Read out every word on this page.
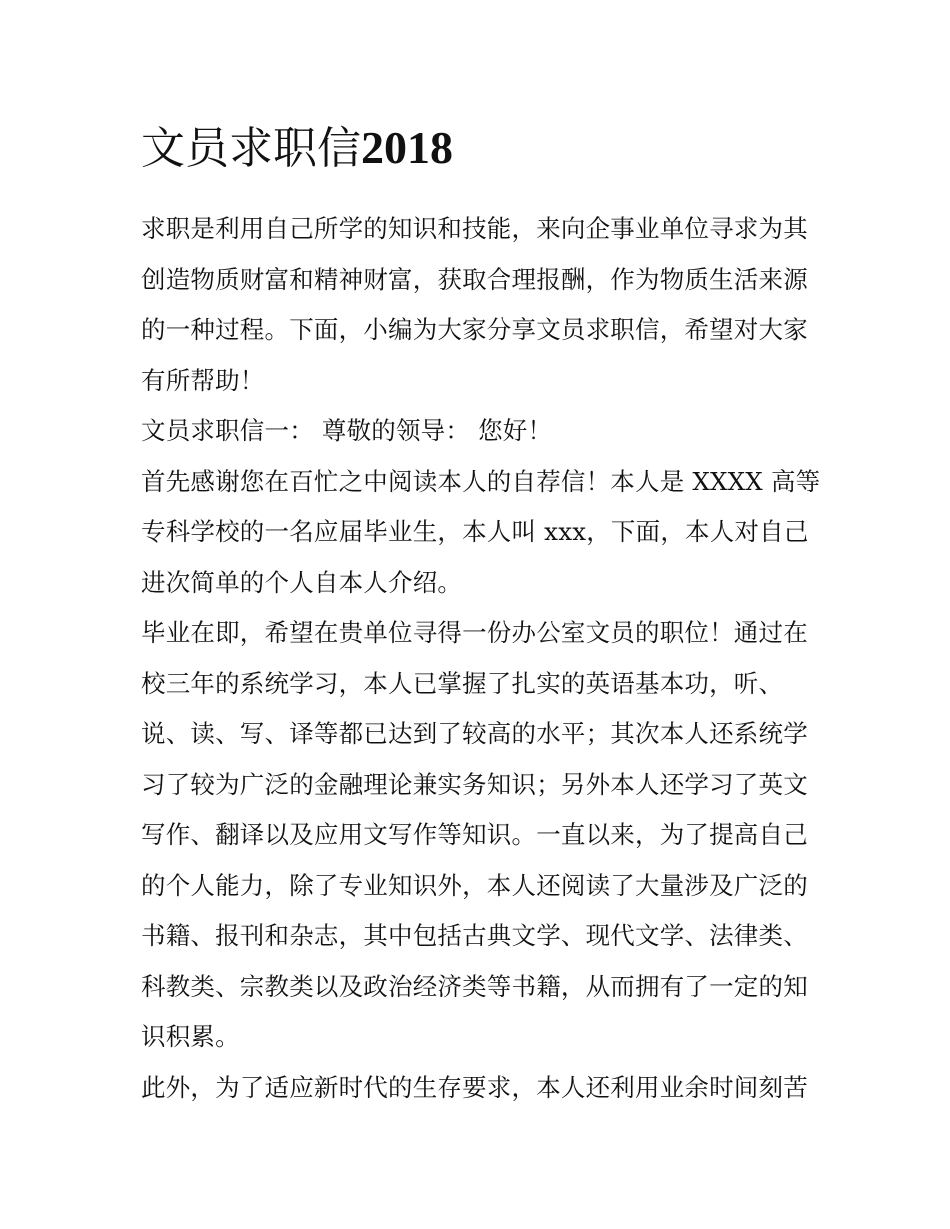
文员求职信2018
求职是利用自己所学的知识和技能，来向企事业单位寻求为其
创造物质财富和精神财富，获取合理报酬，作为物质生活来源
的一种过程。下面，小编为大家分享文员求职信，希望对大家
有所帮助！
文员求职信一： 尊敬的领导： 您好！
首先感谢您在百忙之中阅读本人的自荐信！本人是 XXXX 高等
专科学校的一名应届毕业生，本人叫 xxx，下面，本人对自己
进次简单的个人自本人介绍。
毕业在即，希望在贵单位寻得一份办公室文员的职位！通过在
校三年的系统学习，本人已掌握了扎实的英语基本功，听、
说、读、写、译等都已达到了较高的水平；其次本人还系统学
习了较为广泛的金融理论兼实务知识；另外本人还学习了英文
写作、翻译以及应用文写作等知识。一直以来，为了提高自己
的个人能力，除了专业知识外，本人还阅读了大量涉及广泛的
书籍、报刊和杂志，其中包括古典文学、现代文学、法律类、
科教类、宗教类以及政治经济类等书籍，从而拥有了一定的知
识积累。
此外，为了适应新时代的生存要求，本人还利用业余时间刻苦
